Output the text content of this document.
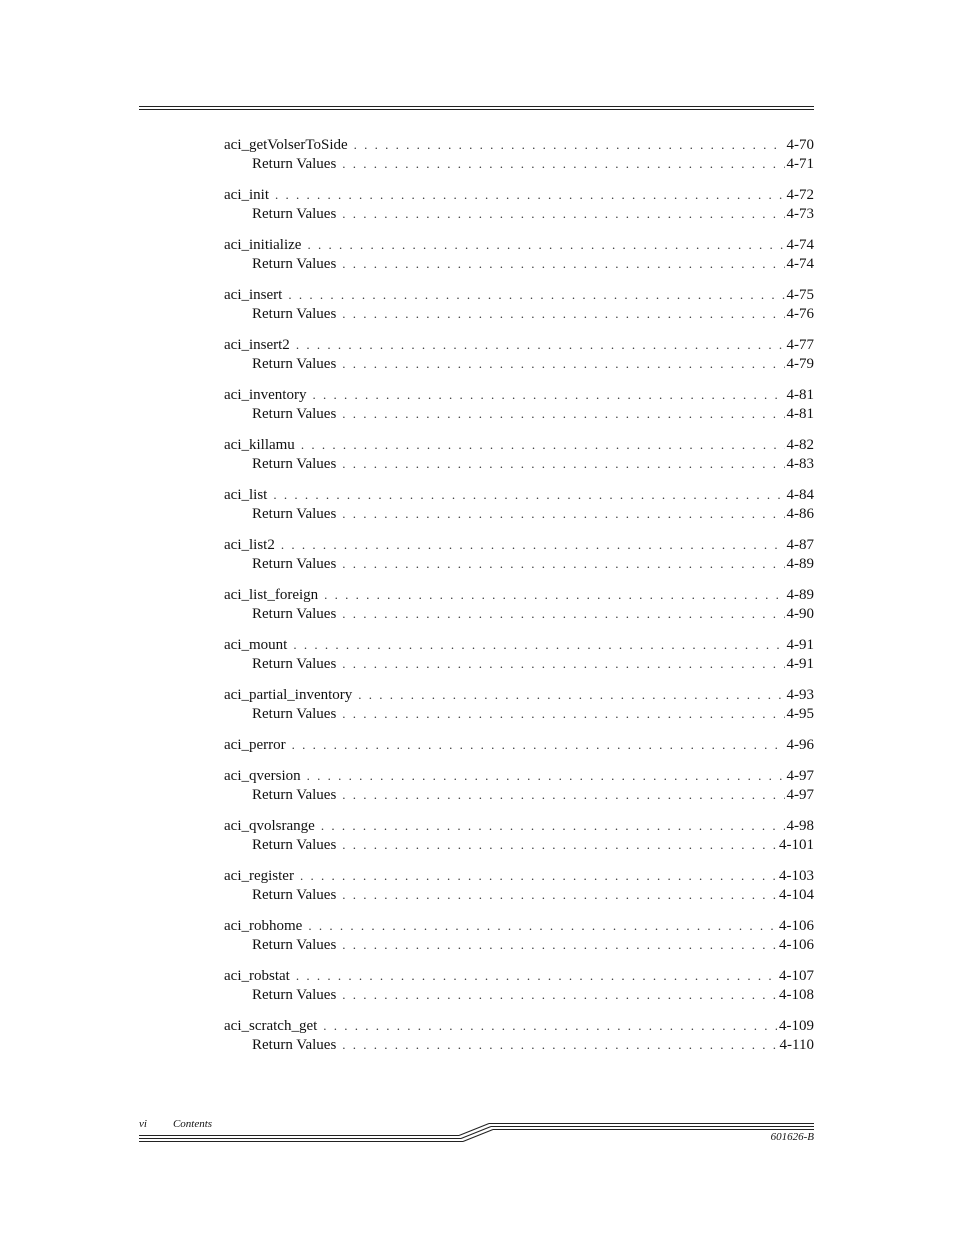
aci_getVolserToSide . . .	4-70
Return Values . . .	4-71
aci_init . . .	4-72
Return Values . . .	4-73
aci_initialize . . .	4-74
Return Values . . .	4-74
aci_insert . . .	4-75
Return Values . . .	4-76
aci_insert2 . . .	4-77
Return Values . . .	4-79
aci_inventory . . .	4-81
Return Values . . .	4-81
aci_killamu . . .	4-82
Return Values . . .	4-83
aci_list . . .	4-84
Return Values . . .	4-86
aci_list2 . . .	4-87
Return Values . . .	4-89
aci_list_foreign . . .	4-89
Return Values . . .	4-90
aci_mount . . .	4-91
Return Values . . .	4-91
aci_partial_inventory . . .	4-93
Return Values . . .	4-95
aci_perror . . .	4-96
aci_qversion . . .	4-97
Return Values . . .	4-97
aci_qvolsrange . . .	4-98
Return Values . . .	4-101
aci_register . . .	4-103
Return Values . . .	4-104
aci_robhome . . .	4-106
Return Values . . .	4-106
aci_robstat . . .	4-107
Return Values . . .	4-108
aci_scratch_get . . .	4-109
Return Values . . .	4-110
vi Contents
601626-B
